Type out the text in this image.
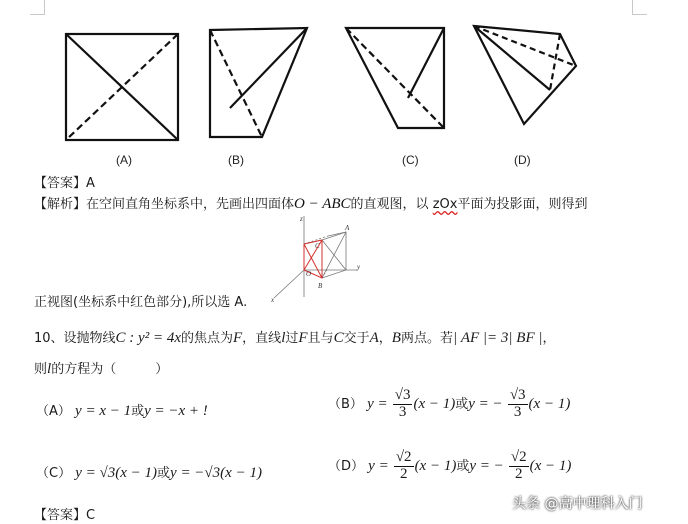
(A)	(B)	(C)	(D)
【答案】A
【解析】在空间直角坐标系中，先画出四面体O − ABC的直观图，以 zOx平面为投影面，则得到
z
A
C
O
y
B
x
正视图(坐标系中红色部分),所以选 A.
10、设抛物线C : y² = 4x的焦点为F，直线l过F且与C交于A，B两点。若| AF |= 3| BF |，
则l的方程为（　　　）
（A） y = x − 1或y = −x + !	（B） $y = \frac{√3}{3} (x - 1)$或y = − $\frac{√3}{3} (x - 1)$
（C） y = √3(x − 1)或y = −√3(x − 1)	（D） $y = \frac{√2}{2} (x - 1)$或y = − $\frac{√2}{2} (x - 1)$
【答案】C
头条 @高中理科入门
